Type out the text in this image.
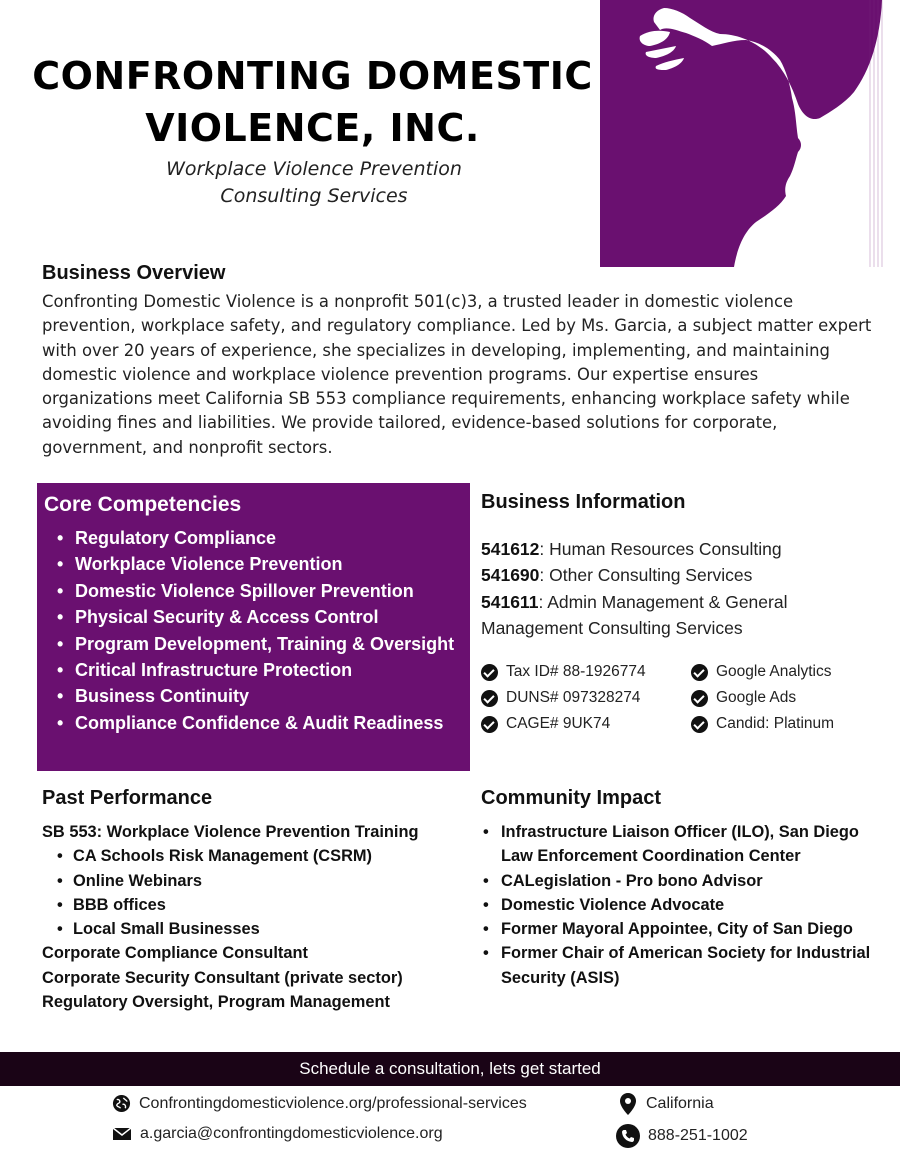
CONFRONTING DOMESTIC
VIOLENCE, INC.
Workplace Violence Prevention
Consulting Services
Business Overview
Confronting Domestic Violence is a nonprofit 501(c)3, a trusted leader in domestic violence prevention, workplace safety, and regulatory compliance. Led by Ms. Garcia, a subject matter expert with over 20 years of experience, she specializes in developing, implementing, and maintaining domestic violence and workplace violence prevention programs. Our expertise ensures organizations meet California SB 553 compliance requirements, enhancing workplace safety while avoiding fines and liabilities. We provide tailored, evidence-based solutions for corporate, government, and nonprofit sectors.
Core Competencies
• Regulatory Compliance
• Workplace Violence Prevention
• Domestic Violence Spillover Prevention
• Physical Security & Access Control
• Program Development, Training & Oversight
• Critical Infrastructure Protection
• Business Continuity
• Compliance Confidence & Audit Readiness
Business Information
541612: Human Resources Consulting
541690: Other Consulting Services
541611: Admin Management & General Management Consulting Services
Tax ID# 88-1926774
DUNS# 097328274
CAGE# 9UK74
Google Analytics
Google Ads
Candid: Platinum
Past Performance
SB 553: Workplace Violence Prevention Training
• CA Schools Risk Management (CSRM)
• Online Webinars
• BBB offices
• Local Small Businesses
Corporate Compliance Consultant
Corporate Security Consultant (private sector)
Regulatory Oversight, Program Management
Community Impact
• Infrastructure Liaison Officer (ILO), San Diego Law Enforcement Coordination Center
• CALegislation - Pro bono Advisor
• Domestic Violence Advocate
• Former Mayoral Appointee, City of San Diego
• Former Chair of American Society for Industrial Security (ASIS)
Schedule a consultation, lets get started
Confrontingdomesticviolence.org/professional-services
a.garcia@confrontingdomesticviolence.org
California
888-251-1002
